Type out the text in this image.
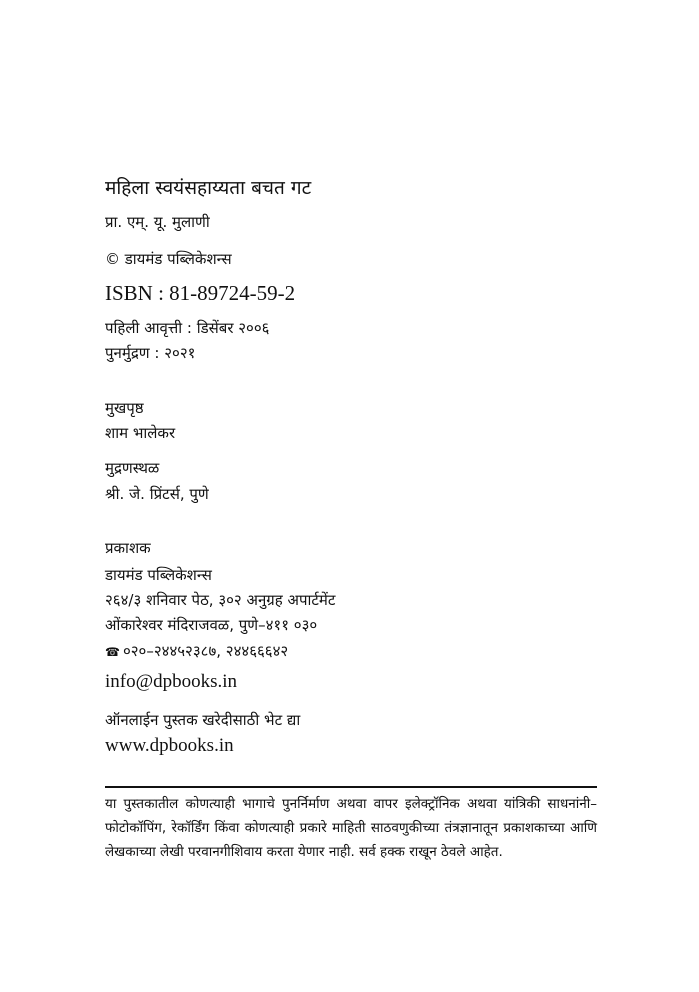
महिला स्वयंसहाय्यता बचत गट
प्रा. एम्. यू. मुलाणी
© डायमंड पब्लिकेशन्स
ISBN : 81-89724-59-2
पहिली आवृत्ती : डिसेंबर २००६
पुनर्मुद्रण : २०२१
मुखपृष्ठ
शाम भालेकर
मुद्रणस्थळ
श्री. जे. प्रिंटर्स, पुणे
प्रकाशक
डायमंड पब्लिकेशन्स
२६४/३ शनिवार पेठ, ३०२ अनुग्रह अपार्टमेंट
ओंकारेश्वर मंदिराजवळ, पुणे–४११ ०३०
☎ ०२०–२४४५२३८७, २४४६६६४२
info@dpbooks.in
ऑनलाईन पुस्तक खरेदीसाठी भेट द्या
www.dpbooks.in
या पुस्तकातील कोणत्याही भागाचे पुनर्निर्माण अथवा वापर इलेक्ट्रॉनिक अथवा यांत्रिकी साधनांनी–फोटोकॉपिंग, रेकॉर्डिंग किंवा कोणत्याही प्रकारे माहिती साठवणुकीच्या तंत्रज्ञानातून प्रकाशकाच्या आणि लेखकाच्या लेखी परवानगीशिवाय करता येणार नाही. सर्व हक्क राखून ठेवले आहेत.
